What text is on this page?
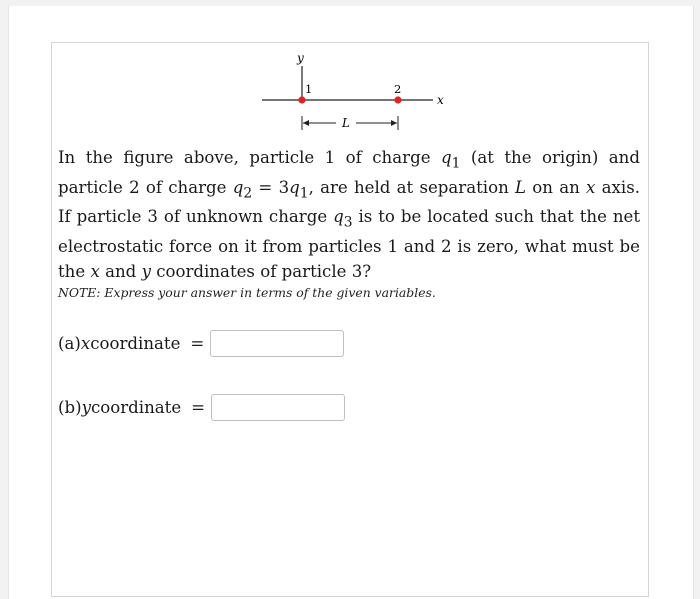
y
x
1	2
L
In the figure above, particle 1 of charge $q_1$ (at the origin) and particle 2 of charge $q_2 = 3q_1$, are held at separation L on an x axis. If particle 3 of unknown charge $q_3$ is to be located such that the net electrostatic force on it from particles 1 and 2 is zero, what must be the x and y coordinates of particle 3?
NOTE: Express your answer in terms of the given variables.
(a) x coordinate =
(b) y coordinate =
